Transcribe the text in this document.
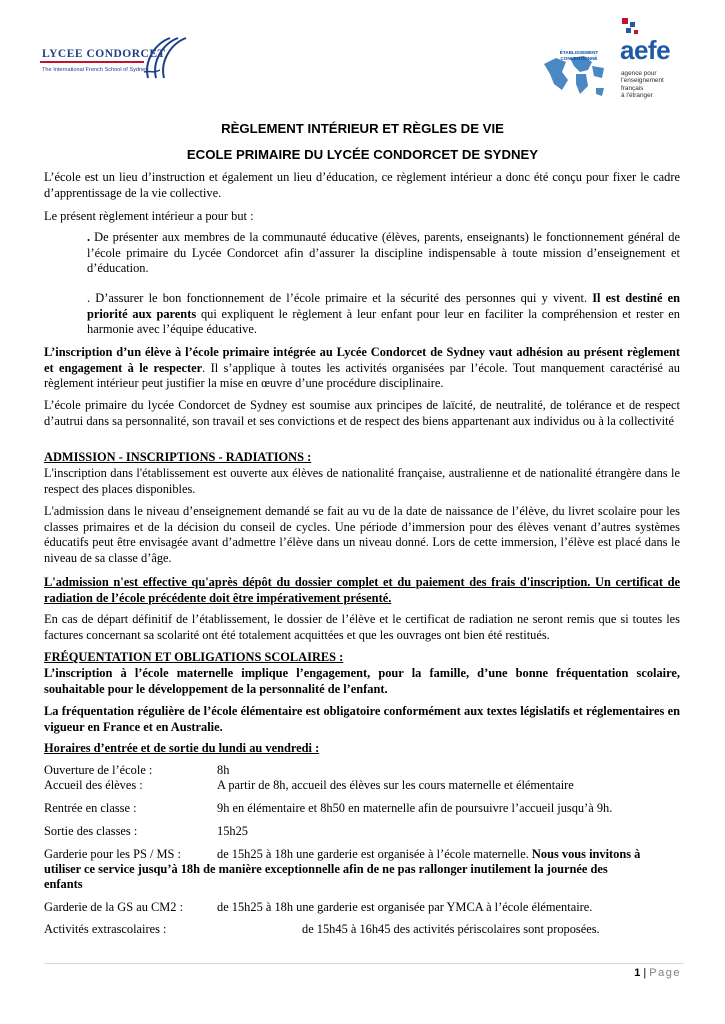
LYCEE CONDORCET
The International French School of Sydney
ÉTABLISSEMENT
CONVENTIONNÉ aefe
agence pour
l'enseignement
français
à l'étranger
RÈGLEMENT INTÉRIEUR ET RÈGLES DE VIE
ECOLE PRIMAIRE DU LYCÉE CONDORCET DE SYDNEY
L’école est un lieu d’instruction et également un lieu d’éducation, ce règlement intérieur a donc été conçu pour fixer le cadre d’apprentissage de la vie collective.
Le présent règlement intérieur a pour but :
. De présenter aux membres de la communauté éducative (élèves, parents, enseignants) le fonctionnement général de l’école primaire du Lycée Condorcet afin d’assurer la discipline indispensable à toute mission d’enseignement et d’éducation.
. D’assurer le bon fonctionnement de l’école primaire et la sécurité des personnes qui y vivent. Il est destiné en priorité aux parents qui expliquent le règlement à leur enfant pour leur en faciliter la compréhension et rester en harmonie avec l’équipe éducative.
L’inscription d’un élève à l’école primaire intégrée au Lycée Condorcet de Sydney vaut adhésion au présent règlement et engagement à le respecter. Il s’applique à toutes les activités organisées par l’école. Tout manquement caractérisé au règlement intérieur peut justifier la mise en œuvre d’une procédure disciplinaire.
L’école primaire du lycée Condorcet de Sydney est soumise aux principes de laïcité, de neutralité, de tolérance et de respect d’autrui dans sa personnalité, son travail et ses convictions et de respect des biens appartenant aux individus ou à la collectivité
ADMISSION - INSCRIPTIONS - RADIATIONS :
L'inscription dans l'établissement est ouverte aux élèves de nationalité française, australienne et de nationalité étrangère dans le respect des places disponibles.
L'admission dans le niveau d’enseignement demandé se fait au vu de la date de naissance de l’élève, du livret scolaire pour les classes primaires et de la décision du conseil de cycles. Une période d’immersion pour des élèves venant d’autres systèmes éducatifs peut être envisagée avant d’admettre l’élève dans un niveau donné. Lors de cette immersion, l’élève est placé dans le niveau de sa classe d’âge.
L'admission n'est effective qu'après dépôt du dossier complet et du paiement des frais d'inscription. Un certificat de radiation de l’école précédente doit être impérativement présenté.
En cas de départ définitif de l’établissement, le dossier de l’élève et le certificat de radiation ne seront remis que si toutes les factures concernant sa scolarité ont été totalement acquittées et que les ouvrages ont bien été restitués.
FRÉQUENTATION ET OBLIGATIONS SCOLAIRES :
L’inscription à l’école maternelle implique l’engagement, pour la famille, d’une bonne fréquentation scolaire, souhaitable pour le développement de la personnalité de l’enfant.
La fréquentation régulière de l’école élémentaire est obligatoire conformément aux textes législatifs et réglementaires en vigueur en France et en Australie.
Horaires d’entrée et de sortie du lundi au vendredi :
Ouverture de l’école :	8h
Accueil des élèves :	A partir de 8h, accueil des élèves sur les cours maternelle et élémentaire
Rentrée en classe :	9h en élémentaire et 8h50 en maternelle afin de poursuivre l’accueil jusqu’à 9h.
Sortie des classes :	15h25
Garderie pour les PS / MS :	de 15h25 à 18h une garderie est organisée à l’école maternelle. Nous vous invitons à
utiliser ce service jusqu’à 18h de manière exceptionnelle afin de ne pas rallonger inutilement la journée des
enfants
Garderie de la GS au CM2 :	de 15h25 à 18h une garderie est organisée par YMCA à l’école élémentaire.
Activités extrascolaires :	de 15h45 à 16h45 des activités périscolaires sont proposées.
1 | Page
